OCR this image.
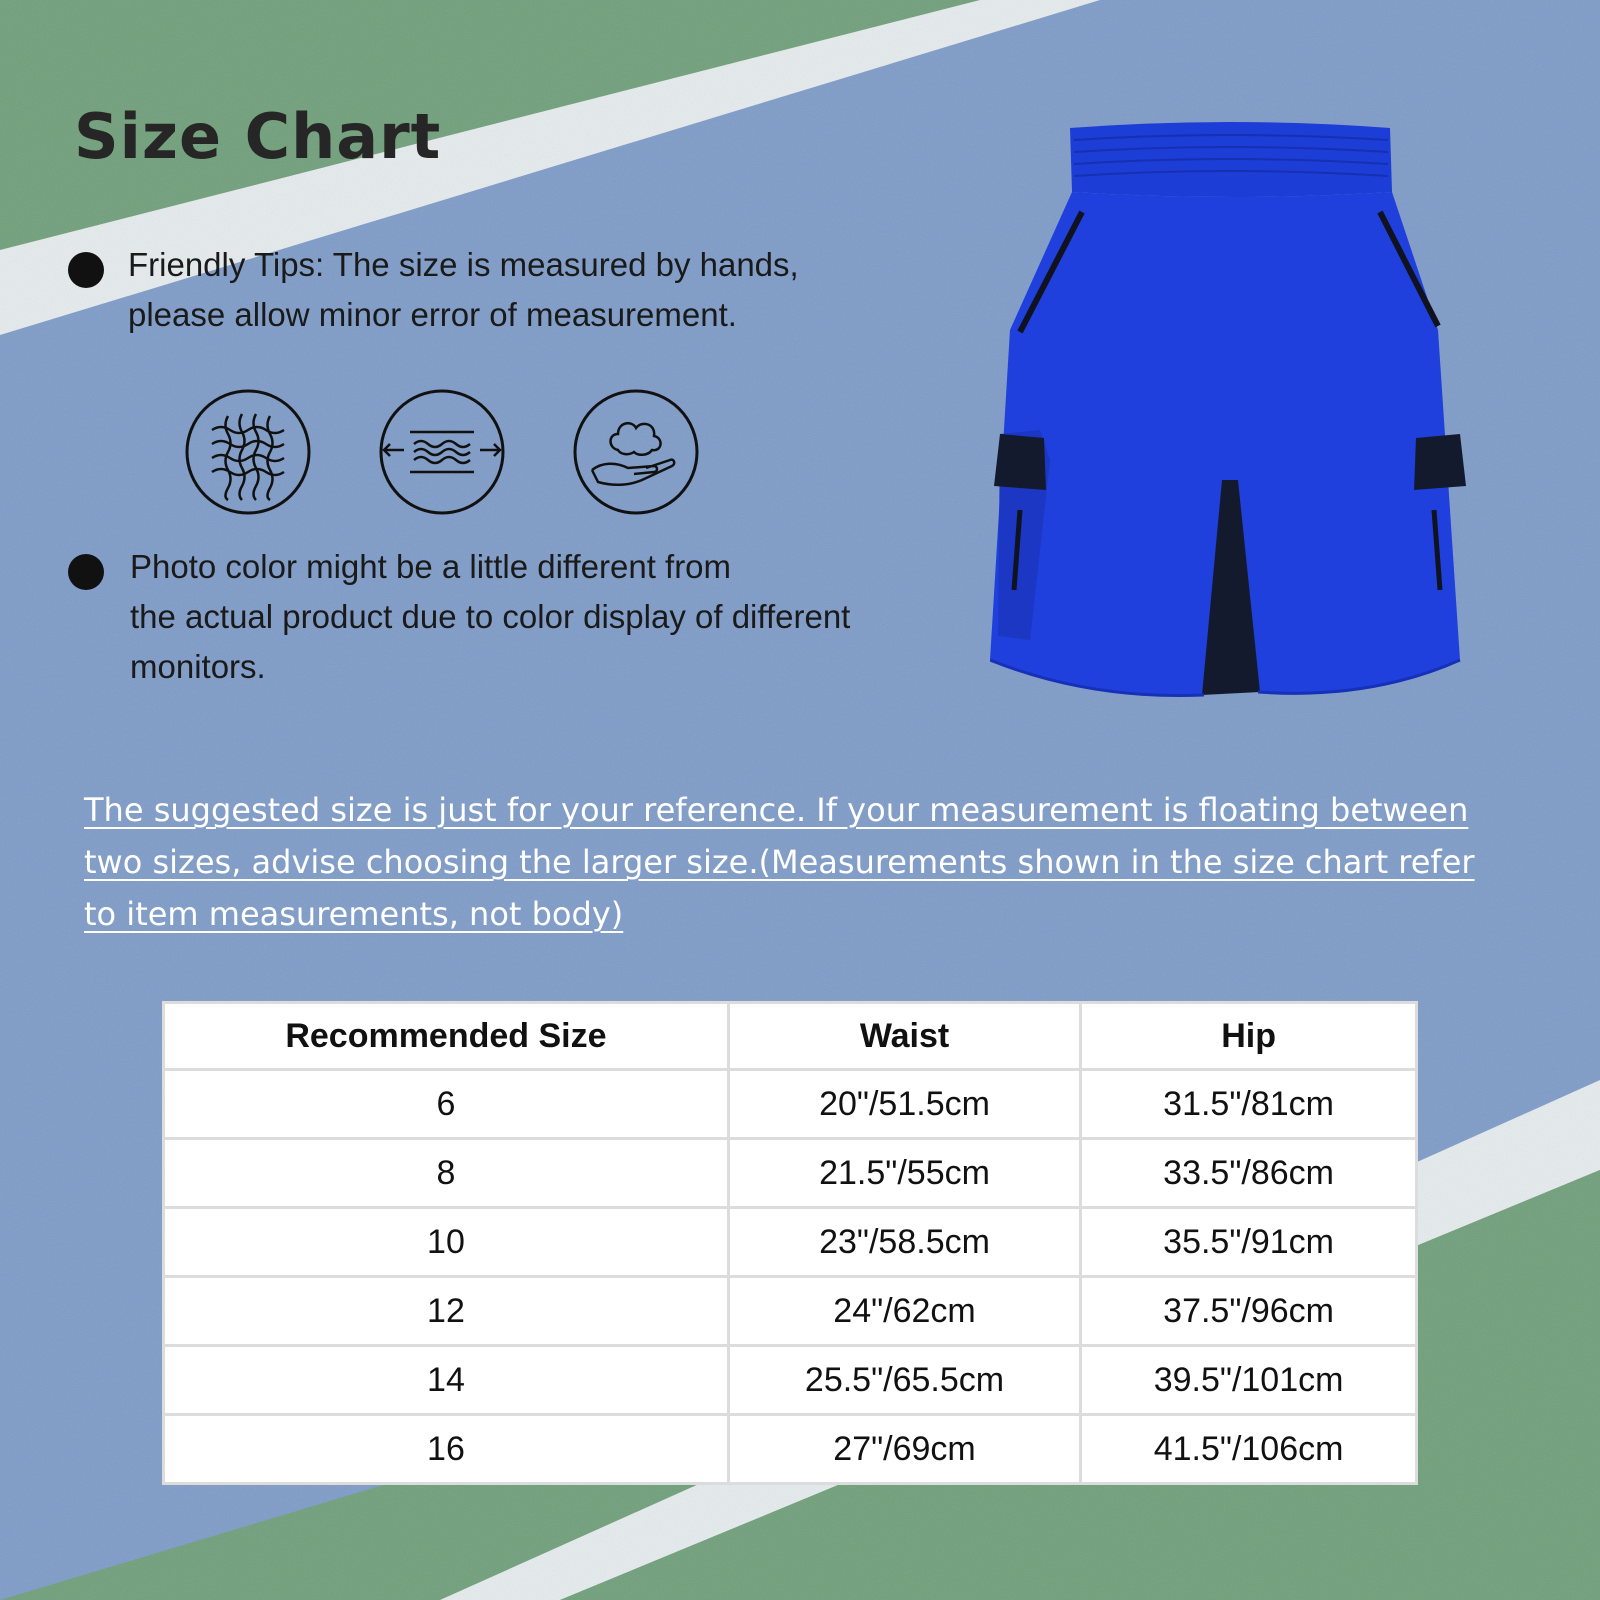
Size Chart

Friendly Tips: The size is measured by hands,
please allow minor error of measurement.

Photo color might be a little different from
the actual product due to color display of different
monitors.

The suggested size is just for your reference. If your measurement is floating between two sizes, advise choosing the larger size.(Measurements shown in the size chart refer to item measurements, not body)

Recommended Size	Waist	Hip
6	20"/51.5cm	31.5"/81cm
8	21.5"/55cm	33.5"/86cm
10	23"/58.5cm	35.5"/91cm
12	24"/62cm	37.5"/96cm
14	25.5"/65.5cm	39.5"/101cm
16	27"/69cm	41.5"/106cm
